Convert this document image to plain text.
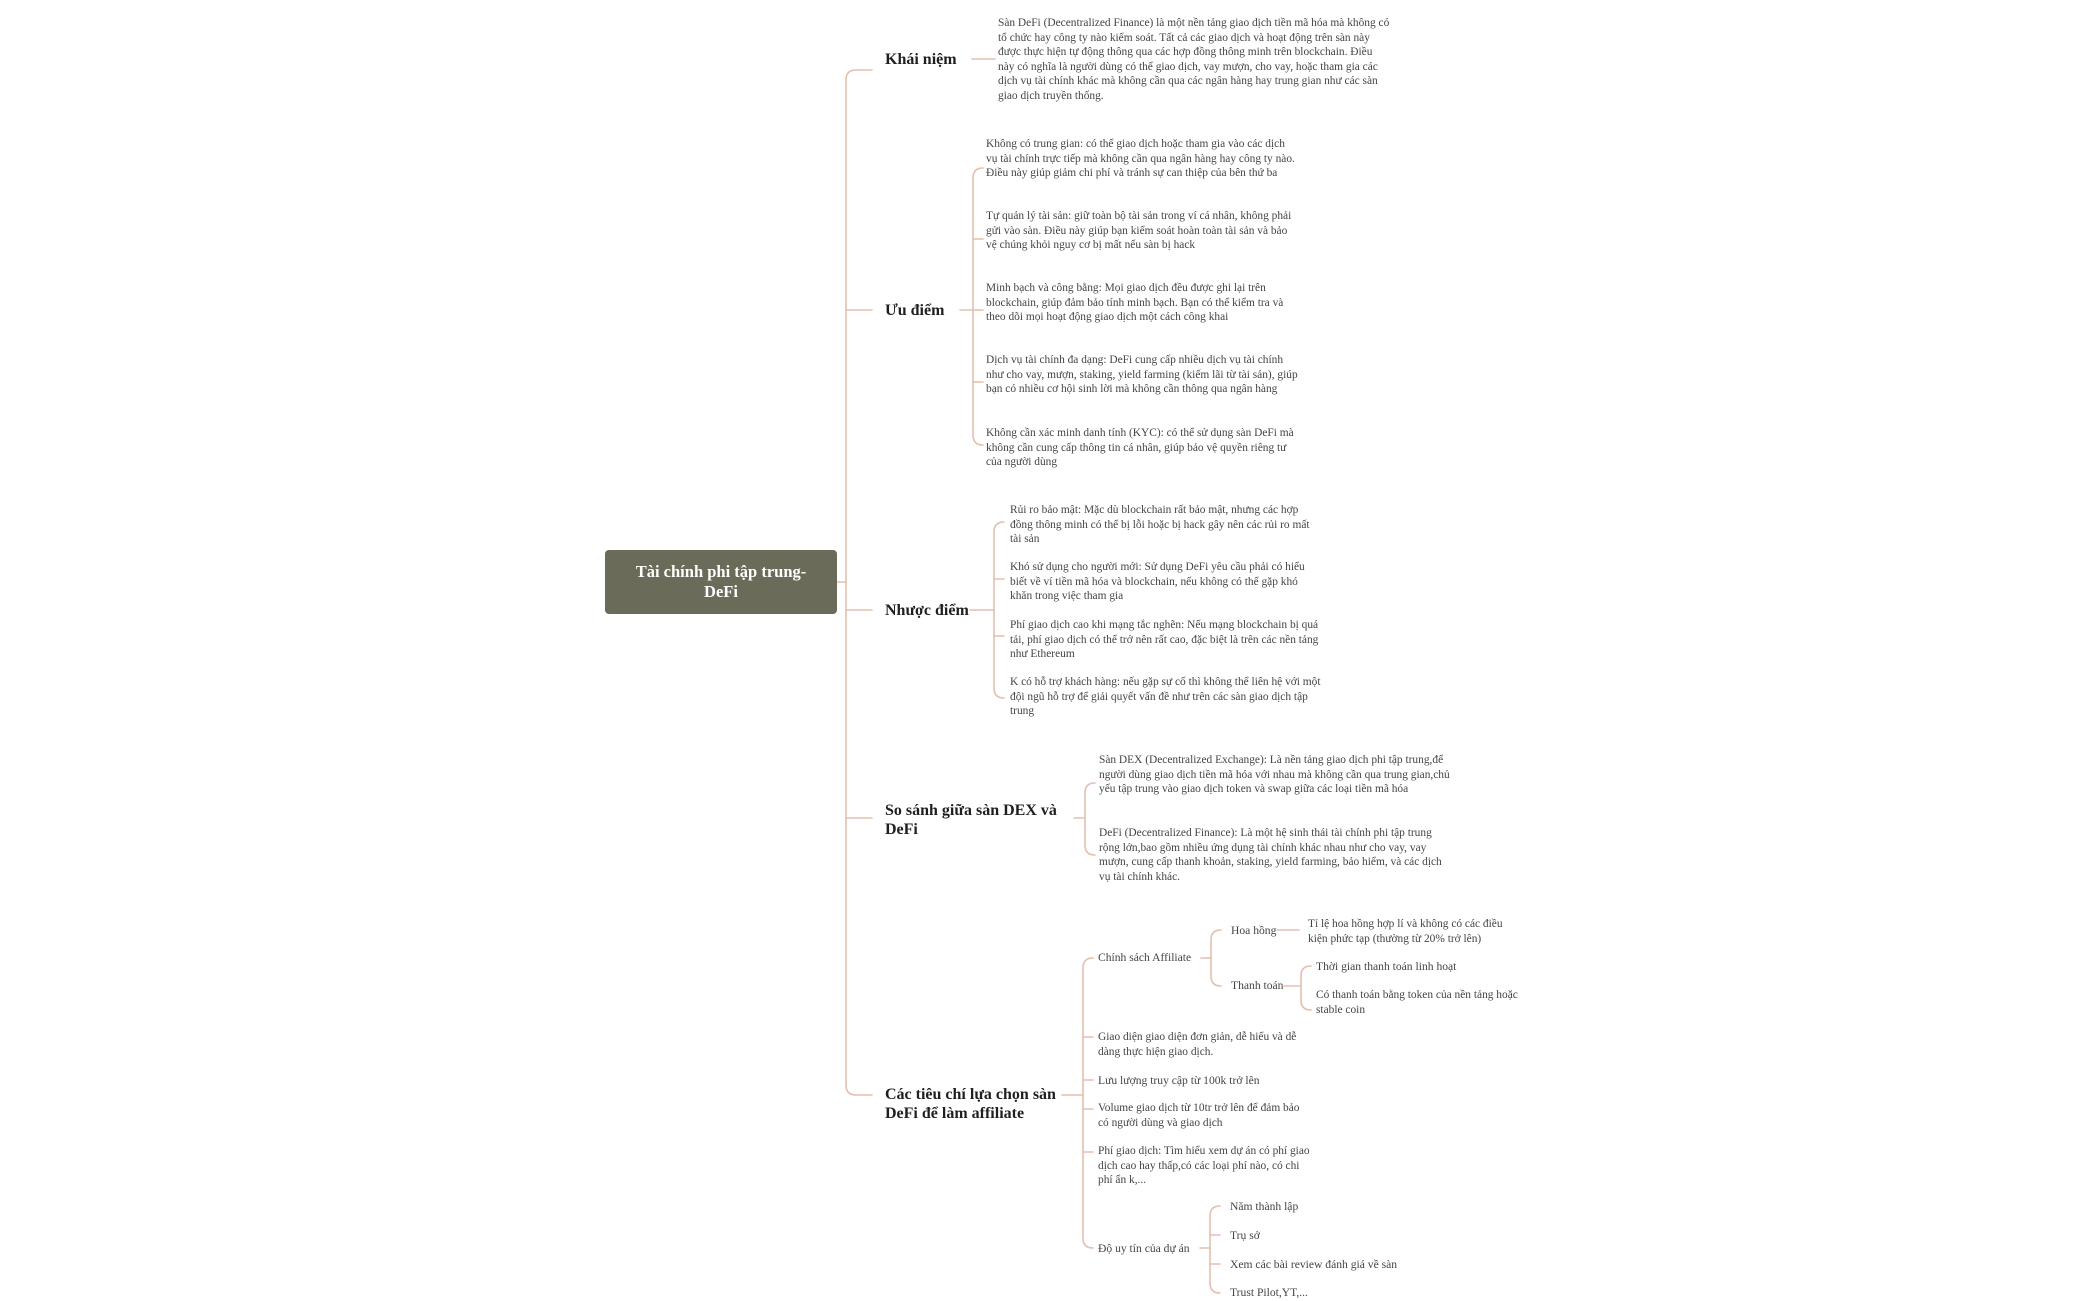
Tài chính phi tập trung-DeFi
Khái niệm
Sàn DeFi (Decentralized Finance) là một nền tảng giao dịch tiền mã hóa mà không có tổ chức hay công ty nào kiểm soát. Tất cả các giao dịch và hoạt động trên sàn này được thực hiện tự động thông qua các hợp đồng thông minh trên blockchain. Điều này có nghĩa là người dùng có thể giao dịch, vay mượn, cho vay, hoặc tham gia các dịch vụ tài chính khác mà không cần qua các ngân hàng hay trung gian như các sàn giao dịch truyền thống.
Ưu điểm
Không có trung gian: có thể giao dịch hoặc tham gia vào các dịch vụ tài chính trực tiếp mà không cần qua ngân hàng hay công ty nào. Điều này giúp giảm chi phí và tránh sự can thiệp của bên thứ ba
Tự quản lý tài sản: giữ toàn bộ tài sản trong ví cá nhân, không phải gửi vào sàn. Điều này giúp bạn kiểm soát hoàn toàn tài sản và bảo vệ chúng khỏi nguy cơ bị mất nếu sàn bị hack
Minh bạch và công bằng: Mọi giao dịch đều được ghi lại trên blockchain, giúp đảm bảo tính minh bạch. Bạn có thể kiểm tra và theo dõi mọi hoạt động giao dịch một cách công khai
Dịch vụ tài chính đa dạng: DeFi cung cấp nhiều dịch vụ tài chính như cho vay, mượn, staking, yield farming (kiếm lãi từ tài sản), giúp bạn có nhiều cơ hội sinh lời mà không cần thông qua ngân hàng
Không cần xác minh danh tính (KYC): có thể sử dụng sàn DeFi mà không cần cung cấp thông tin cá nhân, giúp bảo vệ quyền riêng tư của người dùng
Nhược điểm
Rủi ro bảo mật: Mặc dù blockchain rất bảo mật, nhưng các hợp đồng thông minh có thể bị lỗi hoặc bị hack gây nên các rủi ro mất tài sản
Khó sử dụng cho người mới: Sử dụng DeFi yêu cầu phải có hiểu biết về ví tiền mã hóa và blockchain, nếu không có thể gặp khó khăn trong việc tham gia
Phí giao dịch cao khi mạng tắc nghẽn: Nếu mạng blockchain bị quá tải, phí giao dịch có thể trở nên rất cao, đặc biệt là trên các nền tảng như Ethereum
K có hỗ trợ khách hàng: nếu gặp sự cố thì không thể liên hệ với một đội ngũ hỗ trợ để giải quyết vấn đề như trên các sàn giao dịch tập trung
So sánh giữa sàn DEX và DeFi
Sàn DEX (Decentralized Exchange): Là nền tảng giao dịch phi tập trung,để người dùng giao dịch tiền mã hóa với nhau mà không cần qua trung gian,chủ yếu tập trung vào giao dịch token và swap giữa các loại tiền mã hóa
DeFi (Decentralized Finance): Là một hệ sinh thái tài chính phi tập trung rộng lớn,bao gồm nhiều ứng dụng tài chính khác nhau như cho vay, vay mượn, cung cấp thanh khoản, staking, yield farming, bảo hiểm, và các dịch vụ tài chính khác.
Các tiêu chí lựa chọn sàn DeFi để làm affiliate
Chính sách Affiliate
Hoa hồng	Tỉ lệ hoa hồng hợp lí và không có các điều kiện phức tạp (thường từ 20% trở lên)
Thanh toán
Thời gian thanh toán linh hoạt
Có thanh toán bằng token của nền tảng hoặc stable coin
Giao diện giao diện đơn giản, dễ hiểu và dễ dàng thực hiện giao dịch.
Lưu lượng truy cập từ 100k trở lên
Volume giao dịch từ 10tr trở lên để đảm bảo có người dùng và giao dịch
Phí giao dịch: Tìm hiểu xem dự án có phí giao dịch cao hay thấp,có các loại phí nào, có chi phí ẩn k,...
Độ uy tín của dự án
Năm thành lập
Trụ sở
Xem các bài review đánh giá về sàn
Trust Pilot,YT,...
